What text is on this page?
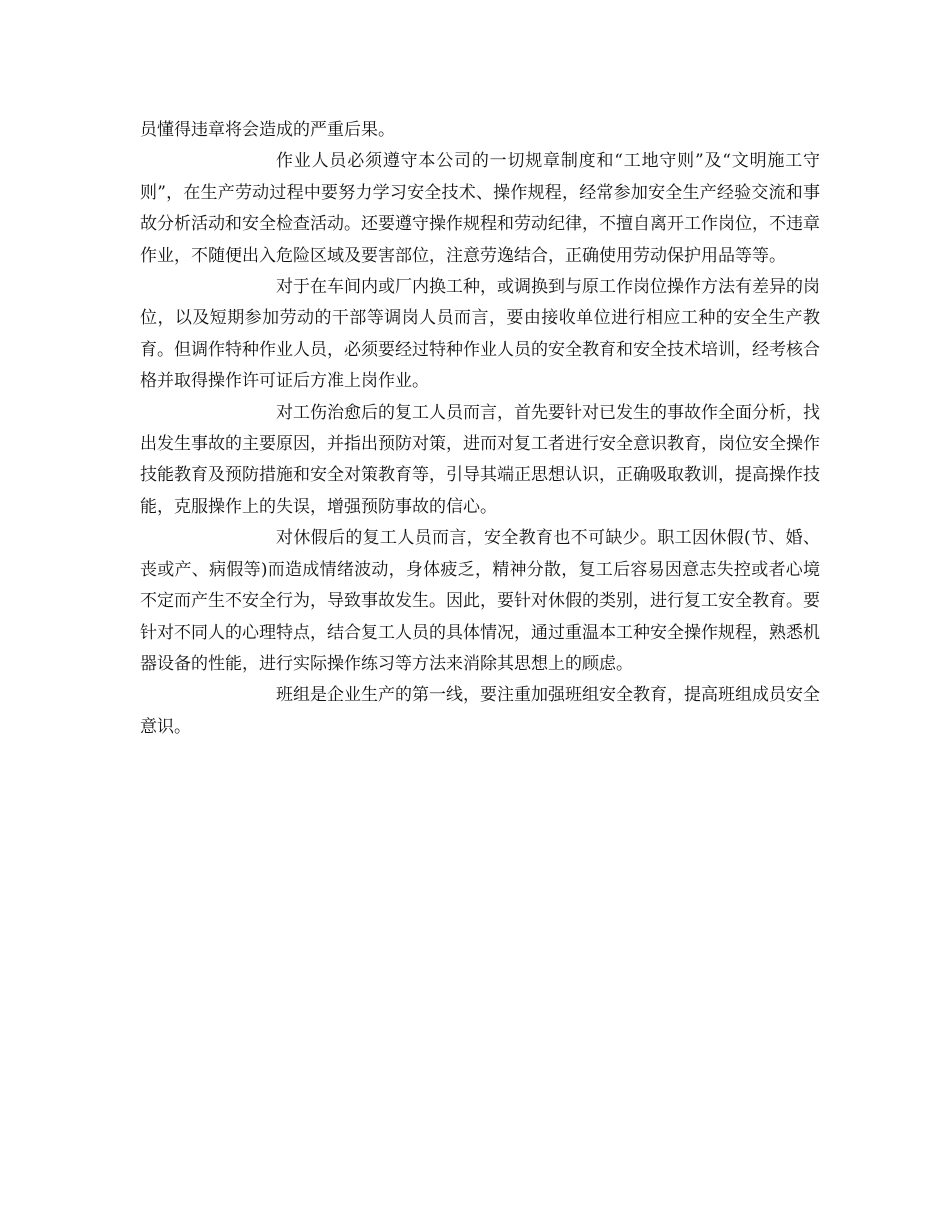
员懂得违章将会造成的严重后果。

作业人员必须遵守本公司的一切规章制度和“工地守则”及“文明施工守则”，在生产劳动过程中要努力学习安全技术、操作规程，经常参加安全生产经验交流和事故分析活动和安全检查活动。还要遵守操作规程和劳动纪律，不擅自离开工作岗位，不违章作业，不随便出入危险区域及要害部位，注意劳逸结合，正确使用劳动保护用品等等。

对于在车间内或厂内换工种，或调换到与原工作岗位操作方法有差异的岗位，以及短期参加劳动的干部等调岗人员而言，要由接收单位进行相应工种的安全生产教育。但调作特种作业人员，必须要经过特种作业人员的安全教育和安全技术培训，经考核合格并取得操作许可证后方准上岗作业。

对工伤治愈后的复工人员而言，首先要针对已发生的事故作全面分析，找出发生事故的主要原因，并指出预防对策，进而对复工者进行安全意识教育，岗位安全操作技能教育及预防措施和安全对策教育等，引导其端正思想认识，正确吸取教训，提高操作技能，克服操作上的失误，增强预防事故的信心。

对休假后的复工人员而言，安全教育也不可缺少。职工因休假(节、婚、丧或产、病假等)而造成情绪波动，身体疲乏，精神分散，复工后容易因意志失控或者心境不定而产生不安全行为，导致事故发生。因此，要针对休假的类别，进行复工安全教育。要针对不同人的心理特点，结合复工人员的具体情况，通过重温本工种安全操作规程，熟悉机器设备的性能，进行实际操作练习等方法来消除其思想上的顾虑。

班组是企业生产的第一线，要注重加强班组安全教育，提高班组成员安全意识。
